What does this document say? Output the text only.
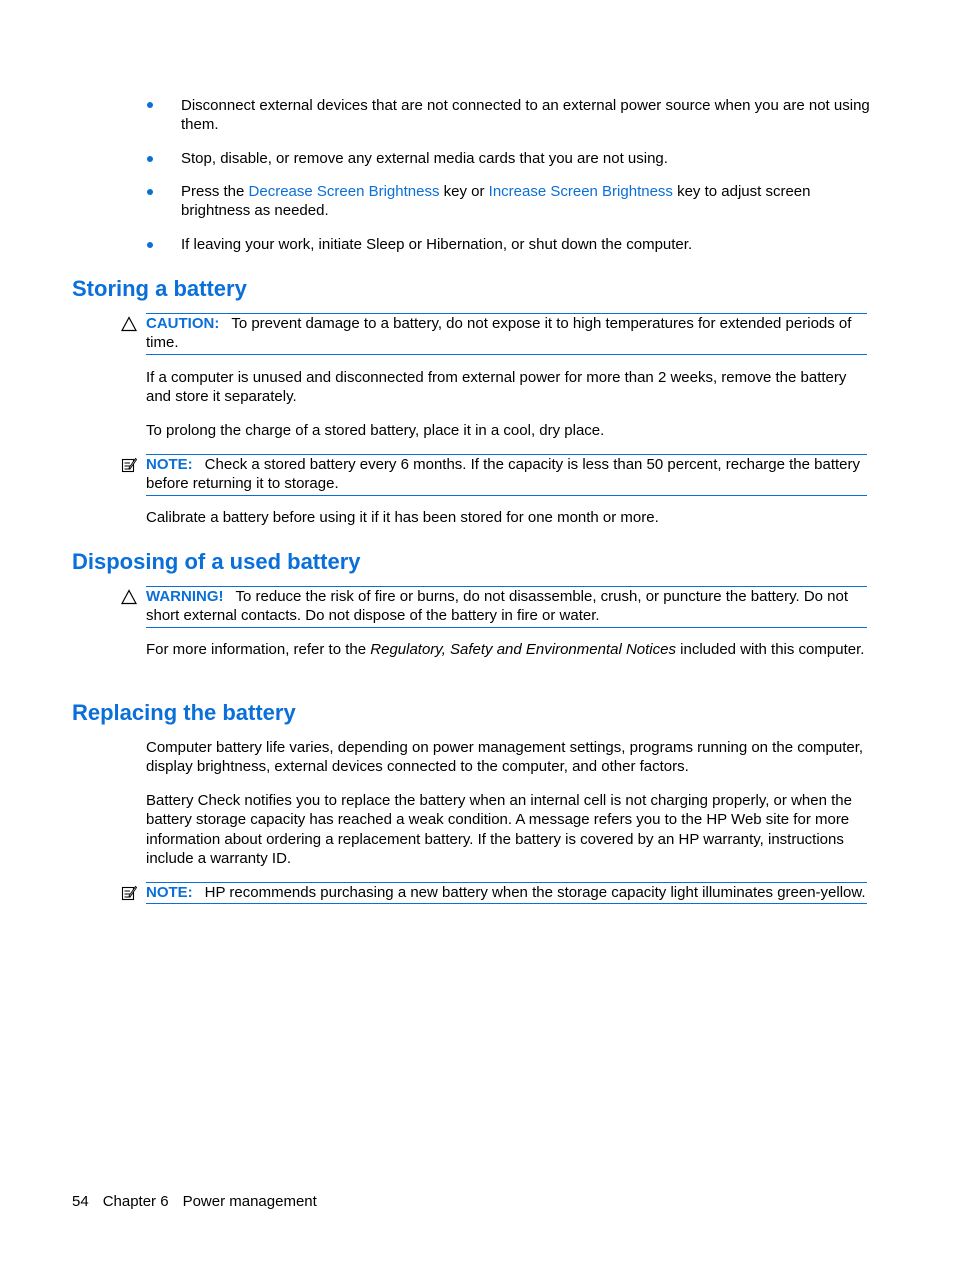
Disconnect external devices that are not connected to an external power source when you are not using them.
Stop, disable, or remove any external media cards that you are not using.
Press the Decrease Screen Brightness key or Increase Screen Brightness key to adjust screen brightness as needed.
If leaving your work, initiate Sleep or Hibernation, or shut down the computer.
Storing a battery
CAUTION: To prevent damage to a battery, do not expose it to high temperatures for extended periods of time.

If a computer is unused and disconnected from external power for more than 2 weeks, remove the battery and store it separately.

To prolong the charge of a stored battery, place it in a cool, dry place.

NOTE: Check a stored battery every 6 months. If the capacity is less than 50 percent, recharge the battery before returning it to storage.

Calibrate a battery before using it if it has been stored for one month or more.

Disposing of a used battery
WARNING! To reduce the risk of fire or burns, do not disassemble, crush, or puncture the battery. Do not short external contacts. Do not dispose of the battery in fire or water.

For more information, refer to the Regulatory, Safety and Environmental Notices included with this computer.

Replacing the battery

Computer battery life varies, depending on power management settings, programs running on the computer, display brightness, external devices connected to the computer, and other factors.

Battery Check notifies you to replace the battery when an internal cell is not charging properly, or when the battery storage capacity has reached a weak condition. A message refers you to the HP Web site for more information about ordering a replacement battery. If the battery is covered by an HP warranty, instructions include a warranty ID.

NOTE: HP recommends purchasing a new battery when the storage capacity light illuminates green-yellow.
54 Chapter 6 Power management
